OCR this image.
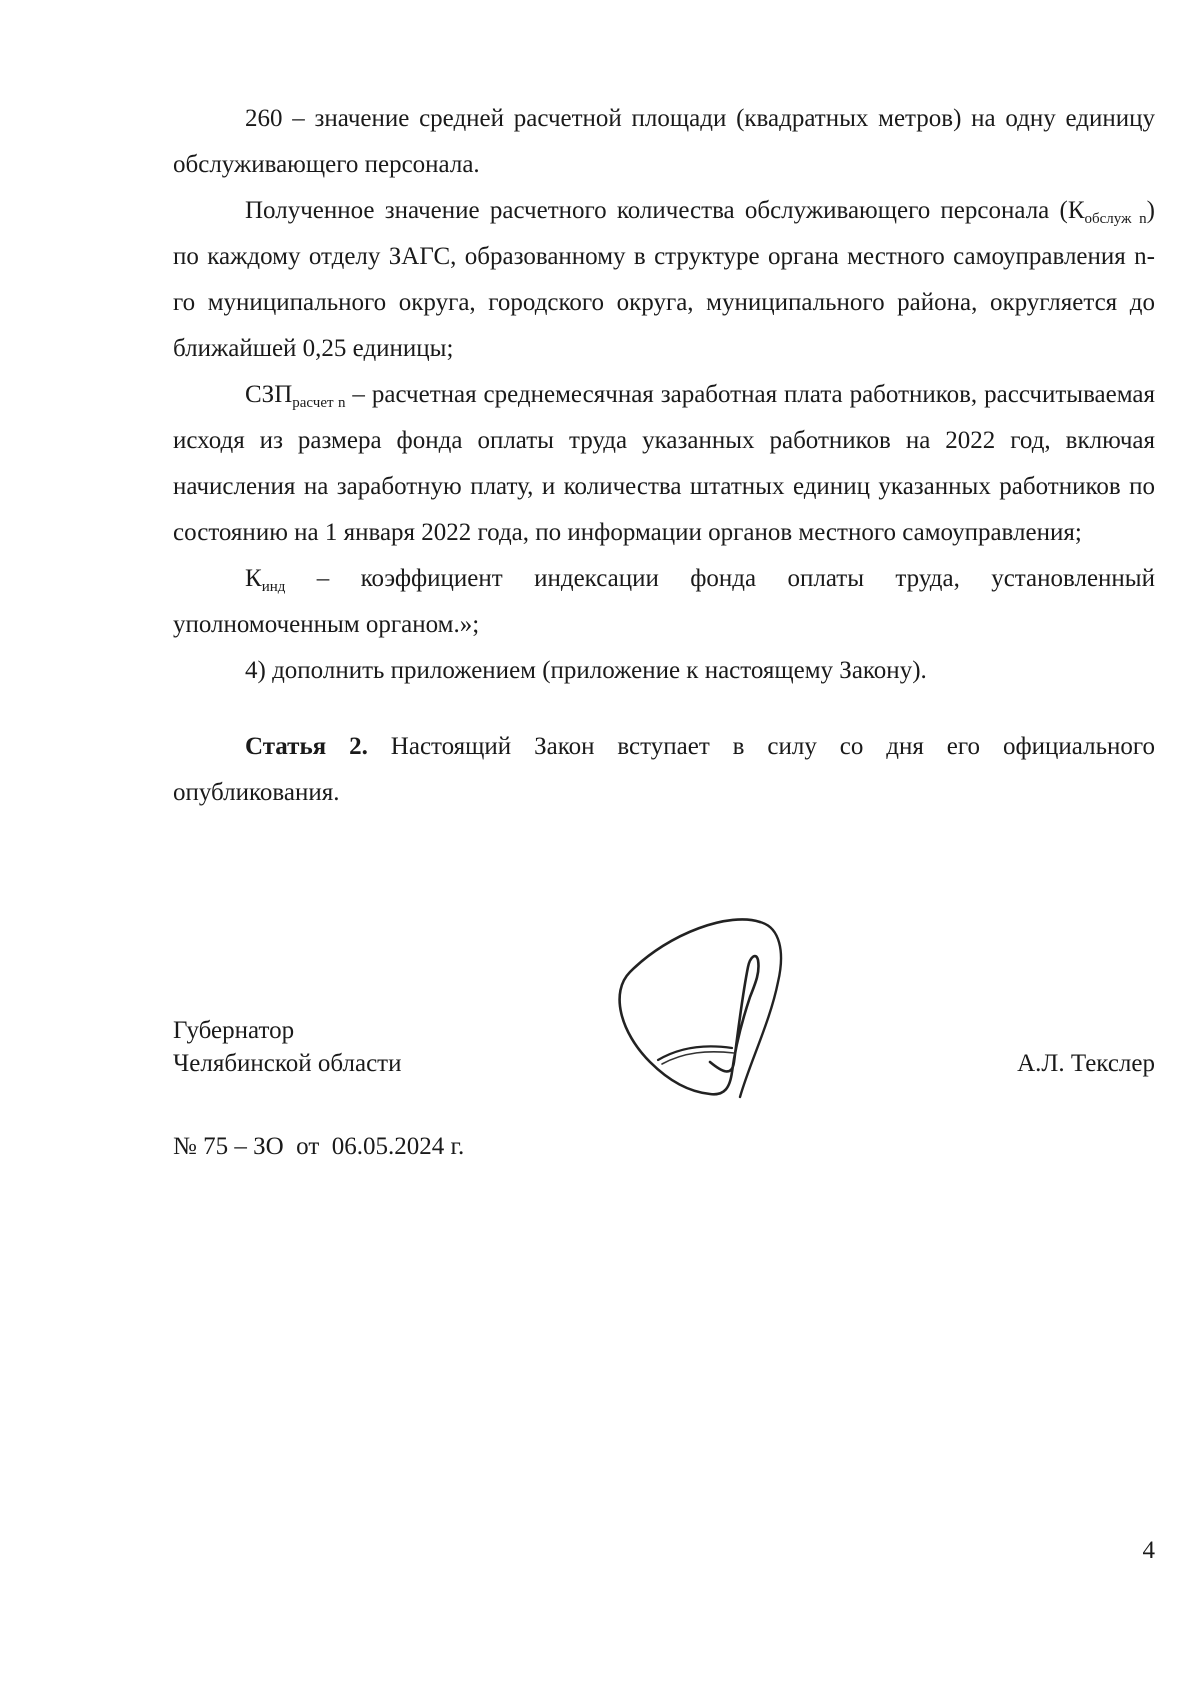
260 – значение средней расчетной площади (квадратных метров) на одну единицу обслуживающего персонала.

Полученное значение расчетного количества обслуживающего персонала $(К_{обслуж n})$ по каждому отделу ЗАГС, образованному в структуре органа местного самоуправления n-го муниципального округа, городского округа, муниципального района, округляется до ближайшей 0,25 единицы;

$СЗП_{расчет n}$ – расчетная среднемесячная заработная плата работников, рассчитываемая исходя из размера фонда оплаты труда указанных работников на 2022 год, включая начисления на заработную плату, и количества штатных единиц указанных работников по состоянию на 1 января 2022 года, по информации органов местного самоуправления;

$К_{инд}$ – коэффициент индексации фонда оплаты труда, установленный уполномоченным органом.»;

4) дополнить приложением (приложение к настоящему Закону).

Статья 2. Настоящий Закон вступает в силу со дня его официального опубликования.

Губернатор
Челябинской области	А.Л. Текслер
№ 75 – ЗО  от  06.05.2024 г.
4
